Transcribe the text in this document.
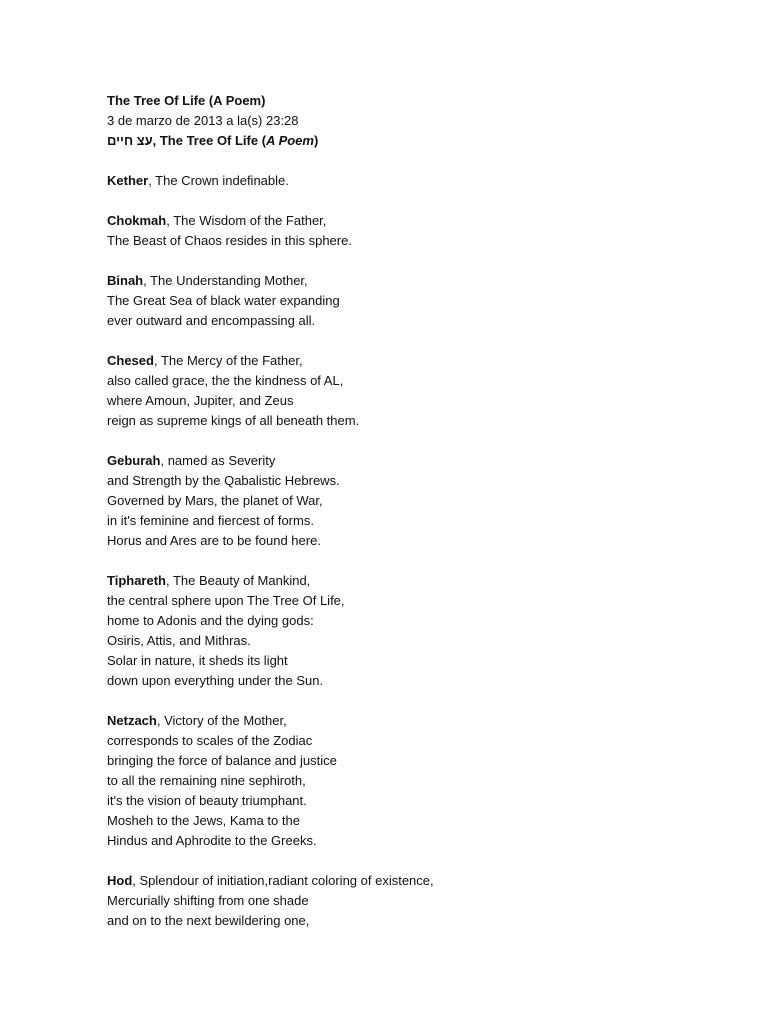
The Tree Of Life (A Poem)
3 de marzo de 2013 a la(s) 23:28
עצ חיים, The Tree Of Life (A Poem)
Kether, The Crown indefinable.
Chokmah, The Wisdom of the Father,
The Beast of Chaos resides in this sphere.
Binah, The Understanding Mother,
The Great Sea of black water expanding
ever outward and encompassing all.
Chesed, The Mercy of the Father,
also called grace, the the kindness of AL,
where Amoun, Jupiter, and Zeus
reign as supreme kings of all beneath them.
Geburah, named as Severity
and Strength by the Qabalistic Hebrews.
Governed by Mars, the planet of War,
in it's feminine and fiercest of forms.
Horus and Ares are to be found here.
Tiphareth, The Beauty of Mankind,
the central sphere upon The Tree Of Life,
home to Adonis and the dying gods:
Osiris, Attis, and Mithras.
Solar in nature, it sheds its light
down upon everything under the Sun.
Netzach, Victory of the Mother,
corresponds to scales of the Zodiac
bringing the force of balance and justice
to all the remaining nine sephiroth,
it's the vision of beauty triumphant.
Mosheh to the Jews, Kama to the
Hindus and Aphrodite to the Greeks.
Hod, Splendour of initiation,radiant coloring of existence,
Mercurially shifting from one shade
and on to the next bewildering one,
